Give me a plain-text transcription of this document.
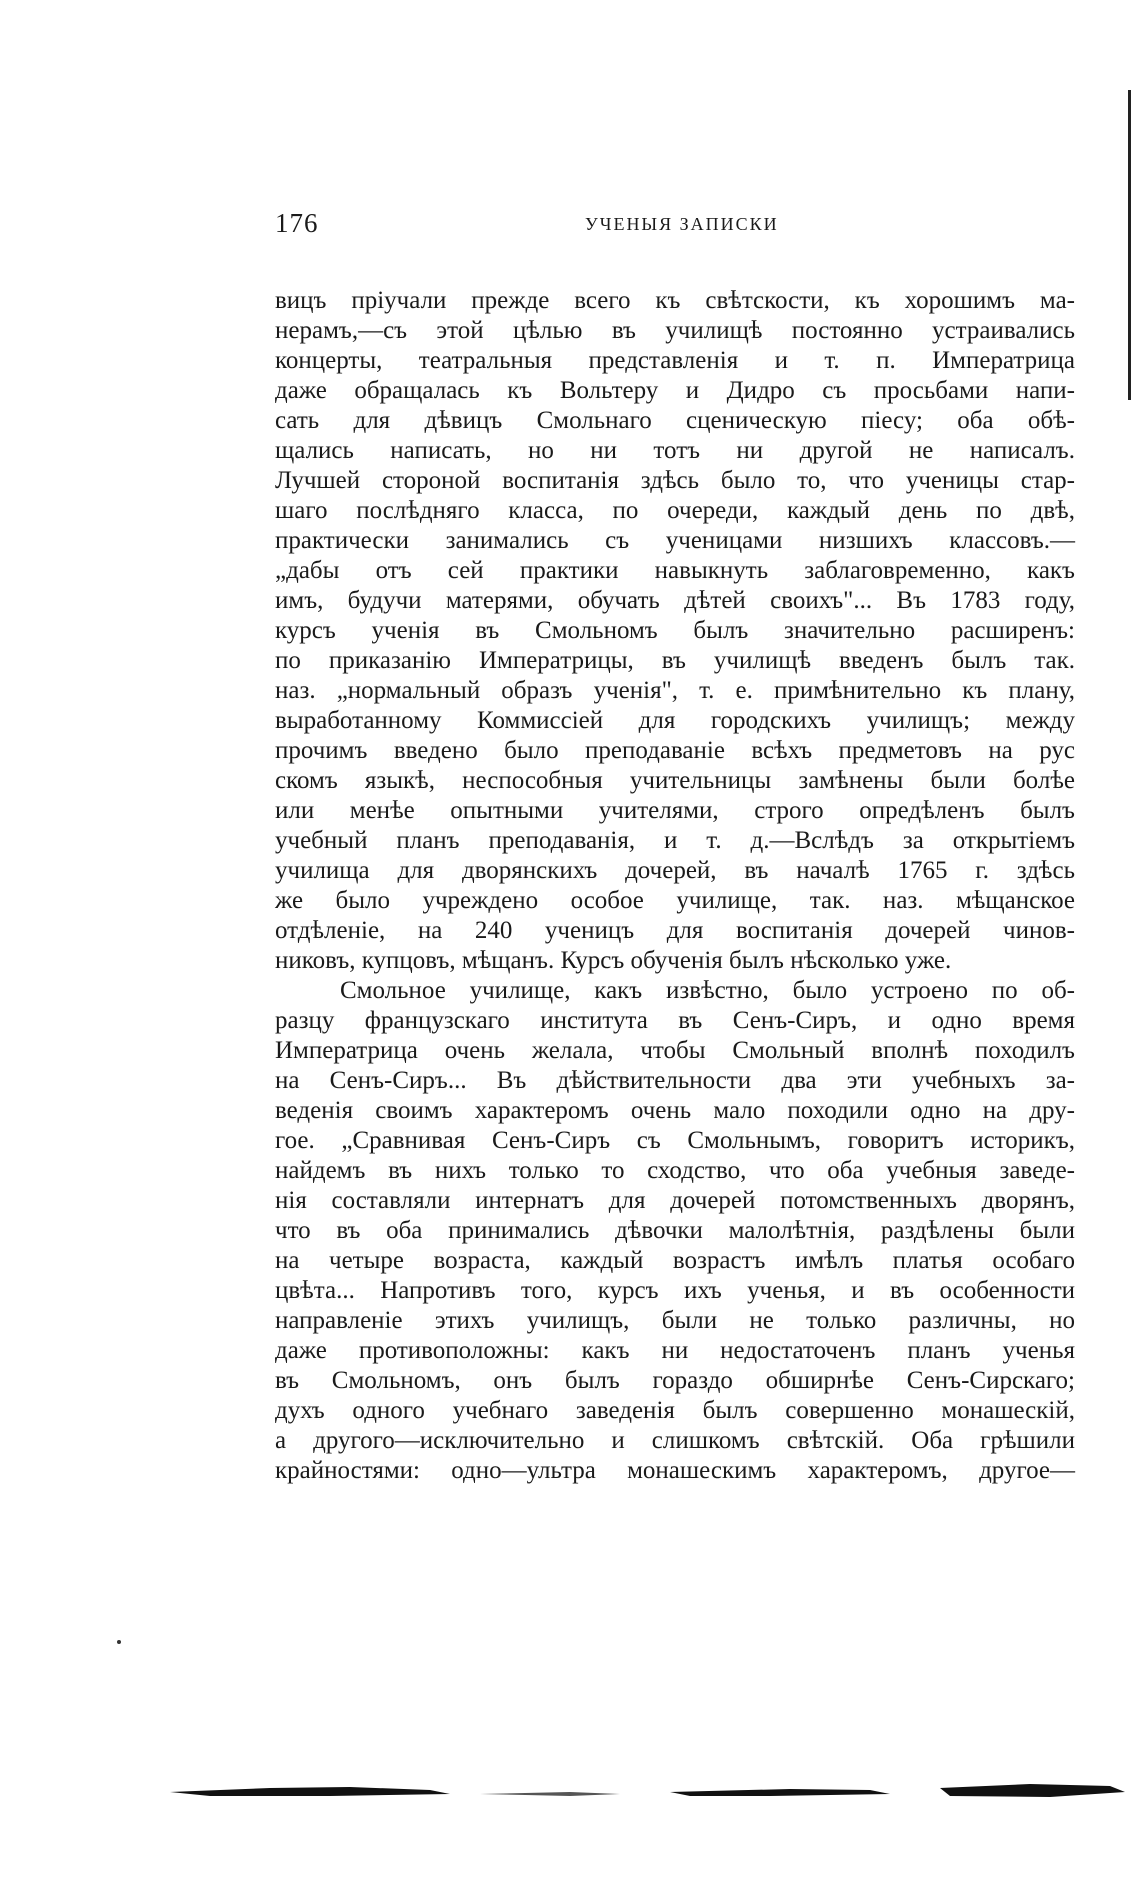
176	УЧЕНЫЯ ЗАПИСКИ
вицъ пріучали прежде всего къ свѣтскости, къ хорошимъ ма-
нерамъ,—съ этой цѣлью въ училищѣ постоянно устраивались
концерты, театральныя представленія и т. п. Императрица
даже обращалась къ Вольтеру и Дидро съ просьбами напи-
сать для дѣвицъ Смольнаго сценическую піесу; оба обѣ-
щались написать, но ни тотъ ни другой не написалъ.
Лучшей стороной воспитанія здѣсь было то, что ученицы стар-
шаго послѣдняго класса, по очереди, каждый день по двѣ,
практически занимались съ ученицами низшихъ классовъ.—
„дабы отъ сей практики навыкнуть заблаговременно, какъ
имъ, будучи матерями, обучать дѣтей своихъ"... Въ 1783 году,
курсъ ученія въ Смольномъ былъ значительно расширенъ:
по приказанію Императрицы, въ училищѣ введенъ былъ так.
наз. „нормальный образъ ученія", т. е. примѣнительно къ плану,
выработанному Коммиссіей для городскихъ училищъ; между
прочимъ введено было преподаваніе всѣхъ предметовъ на рус
скомъ языкѣ, неспособныя учительницы замѣнены были болѣе
или менѣе опытными учителями, строго опредѣленъ былъ
учебный планъ преподаванія, и т. д.—Вслѣдъ за открытіемъ
училища для дворянскихъ дочерей, въ началѣ 1765 г. здѣсь
же было учреждено особое училище, так. наз. мѣщанское
отдѣленіе, на 240 ученицъ для воспитанія дочерей чинов-
никовъ, купцовъ, мѣщанъ. Курсъ обученія былъ нѣсколько уже.
Смольное училище, какъ извѣстно, было устроено по об-
разцу французскаго института въ Сенъ-Сиръ, и одно время
Императрица очень желала, чтобы Смольный вполнѣ походилъ
на Сенъ-Сиръ... Въ дѣйствительности два эти учебныхъ за-
веденія своимъ характеромъ очень мало походили одно на дру-
гое. „Сравнивая Сенъ-Сиръ съ Смольнымъ, говоритъ историкъ,
найдемъ въ нихъ только то сходство, что оба учебныя заведе-
нія составляли интернатъ для дочерей потомственныхъ дворянъ,
что въ оба принимались дѣвочки малолѣтнія, раздѣлены были
на четыре возраста, каждый возрастъ имѣлъ платья особаго
цвѣта... Напротивъ того, курсъ ихъ ученья, и въ особенности
направленіе этихъ училищъ, были не только различны, но
даже противоположны: какъ ни недостаточенъ планъ ученья
въ Смольномъ, онъ былъ гораздо обширнѣе Сенъ-Сирскаго;
духъ одного учебнаго заведенія былъ совершенно монашескій,
а другого—исключительно и слишкомъ свѣтскій. Оба грѣшили
крайностями: одно—ультра монашескимъ характеромъ, другое—
